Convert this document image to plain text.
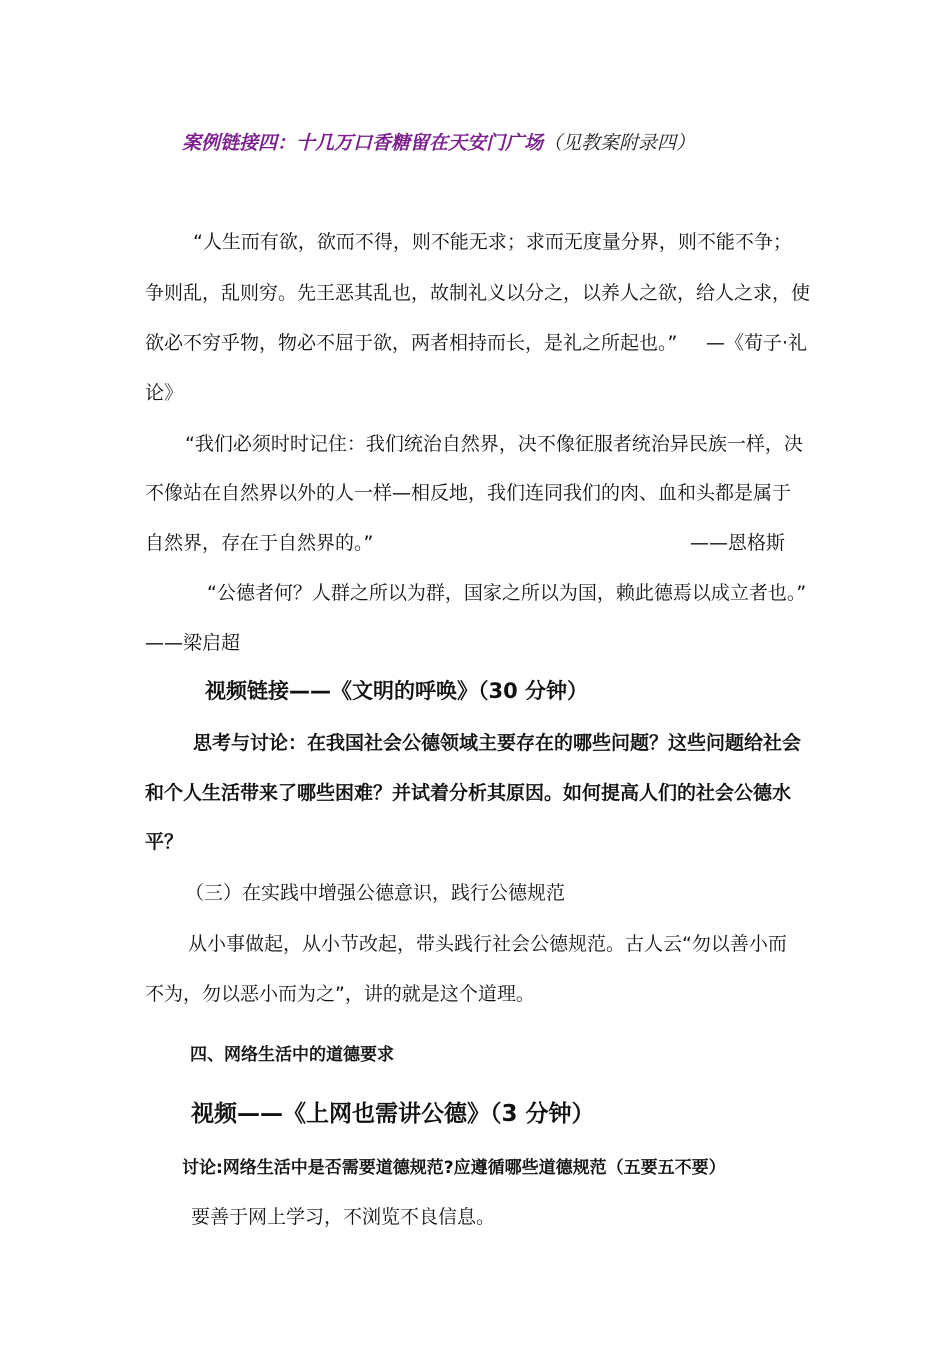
案例链接四：十几万口香糖留在天安门广场（见教案附录四）
“人生而有欲，欲而不得，则不能无求；求而无度量分界，则不能不争；
争则乱，乱则穷。先王恶其乱也，故制礼义以分之，以养人之欲，给人之求，使
欲必不穷乎物，物必不屈于欲，两者相持而长，是礼之所起也。” —《荀子·礼
论》
“我们必须时时记住：我们统治自然界，决不像征服者统治异民族一样，决
不像站在自然界以外的人一样—相反地，我们连同我们的肉、血和头都是属于
自然界，存在于自然界的。”	——恩格斯
“公德者何？人群之所以为群，国家之所以为国，赖此德焉以成立者也。”
——梁启超
视频链接——《文明的呼唤》（30 分钟）
思考与讨论：在我国社会公德领域主要存在的哪些问题？这些问题给社会
和个人生活带来了哪些困难？并试着分析其原因。如何提高人们的社会公德水
平？
（三）在实践中增强公德意识，践行公德规范
从小事做起，从小节改起，带头践行社会公德规范。古人云“勿以善小而
不为，勿以恶小而为之”，讲的就是这个道理。
四、网络生活中的道德要求
视频——《上网也需讲公德》（3 分钟）
讨论:网络生活中是否需要道德规范?应遵循哪些道德规范（五要五不要）
要善于网上学习，不浏览不良信息。
